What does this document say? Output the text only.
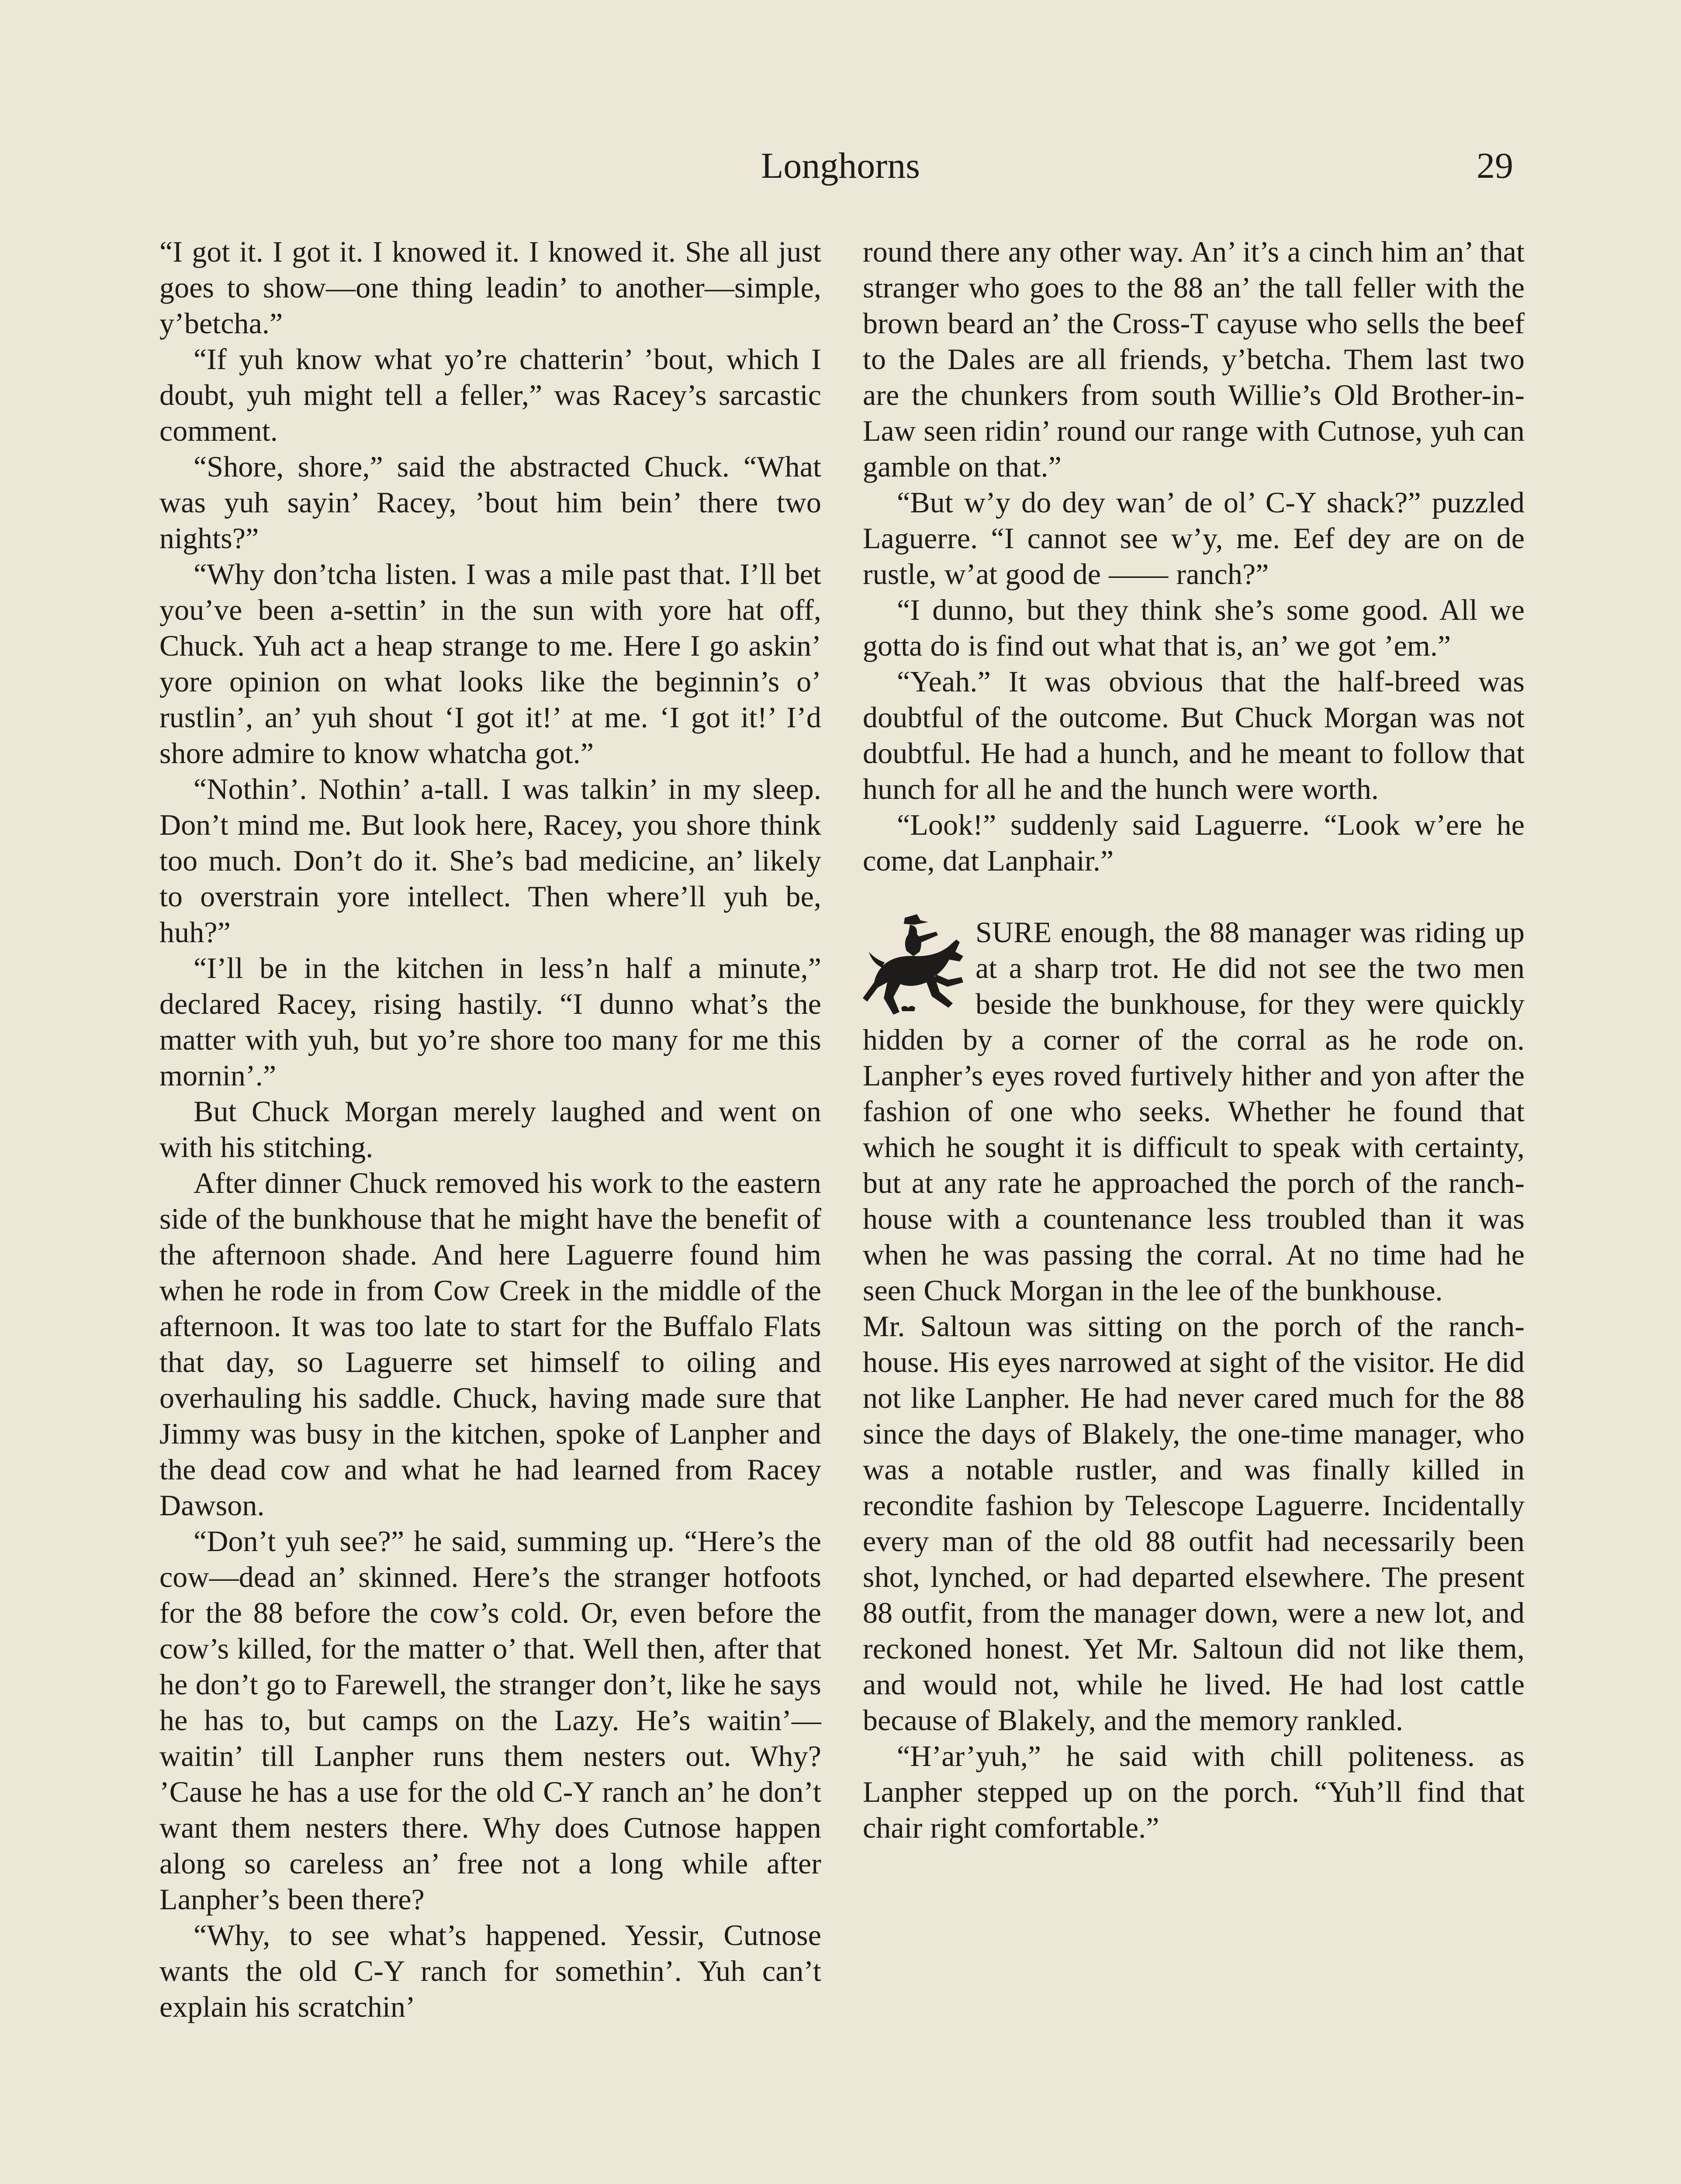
Longhorns	29

“I got it. I got it. I knowed it. I knowed it. She all just goes to show—one thing leadin’ to another—simple, y’betcha.”

“If yuh know what yo’re chatterin’ ’bout, which I doubt, yuh might tell a feller,” was Racey’s sarcastic comment.

“Shore, shore,” said the abstracted Chuck. “What was yuh sayin’ Racey, ’bout him bein’ there two nights?”

“Why don’tcha listen. I was a mile past that. I’ll bet you’ve been a-settin’ in the sun with yore hat off, Chuck. Yuh act a heap strange to me. Here I go askin’ yore opinion on what looks like the beginnin’s o’ rustlin’, an’ yuh shout ‘I got it!’ at me. ‘I got it!’ I’d shore admire to know whatcha got.”

“Nothin’. Nothin’ a-tall. I was talkin’ in my sleep. Don’t mind me. But look here, Racey, you shore think too much. Don’t do it. She’s bad medicine, an’ likely to overstrain yore intellect. Then where’ll yuh be, huh?”

“I’ll be in the kitchen in less’n half a minute,” declared Racey, rising hastily. “I dunno what’s the matter with yuh, but yo’re shore too many for me this mornin’.”

But Chuck Morgan merely laughed and went on with his stitching.

After dinner Chuck removed his work to the eastern side of the bunkhouse that he might have the benefit of the afternoon shade. And here Laguerre found him when he rode in from Cow Creek in the middle of the afternoon. It was too late to start for the Buffalo Flats that day, so Laguerre set himself to oiling and overhauling his saddle. Chuck, having made sure that Jimmy was busy in the kitchen, spoke of Lanpher and the dead cow and what he had learned from Racey Dawson.

“Don’t yuh see?” he said, summing up. “Here’s the cow—dead an’ skinned. Here’s the stranger hotfoots for the 88 before the cow’s cold. Or, even before the cow’s killed, for the matter o’ that. Well then, after that he don’t go to Farewell, the stranger don’t, like he says he has to, but camps on the Lazy. He’s waitin’—waitin’ till Lanpher runs them nesters out. Why? ’Cause he has a use for the old C-Y ranch an’ he don’t want them nesters there. Why does Cutnose happen along so careless an’ free not a long while after Lanpher’s been there?

“Why, to see what’s happened. Yessir, Cutnose wants the old C-Y ranch for somethin’. Yuh can’t explain his scratchin’

round there any other way. An’ it’s a cinch him an’ that stranger who goes to the 88 an’ the tall feller with the brown beard an’ the Cross-T cayuse who sells the beef to the Dales are all friends, y’betcha. Them last two are the chunkers from south Willie’s Old Brother-in-Law seen ridin’ round our range with Cutnose, yuh can gamble on that.”

“But w’y do dey wan’ de ol’ C-Y shack?” puzzled Laguerre. “I cannot see w’y, me. Eef dey are on de rustle, w’at good de —— ranch?”

“I dunno, but they think she’s some good. All we gotta do is find out what that is, an’ we got ’em.”

“Yeah.” It was obvious that the half-breed was doubtful of the outcome. But Chuck Morgan was not doubtful. He had a hunch, and he meant to follow that hunch for all he and the hunch were worth.

“Look!” suddenly said Laguerre. “Look w’ere he come, dat Lanphair.”

SURE enough, the 88 manager was riding up at a sharp trot. He did not see the two men beside the bunkhouse, for they were quickly hidden by a corner of the corral as he rode on. Lanpher’s eyes roved furtively hither and yon after the fashion of one who seeks. Whether he found that which he sought it is difficult to speak with certainty, but at any rate he approached the porch of the ranch-house with a countenance less troubled than it was when he was passing the corral. At no time had he seen Chuck Morgan in the lee of the bunkhouse.

Mr. Saltoun was sitting on the porch of the ranch-house. His eyes narrowed at sight of the visitor. He did not like Lanpher. He had never cared much for the 88 since the days of Blakely, the one-time manager, who was a notable rustler, and was finally killed in recondite fashion by Telescope Laguerre. Incidentally every man of the old 88 outfit had necessarily been shot, lynched, or had departed elsewhere. The present 88 outfit, from the manager down, were a new lot, and reckoned honest. Yet Mr. Saltoun did not like them, and would not, while he lived. He had lost cattle because of Blakely, and the memory rankled.

“H’ar’yuh,” he said with chill politeness. as Lanpher stepped up on the porch. “Yuh’ll find that chair right comfortable.”
